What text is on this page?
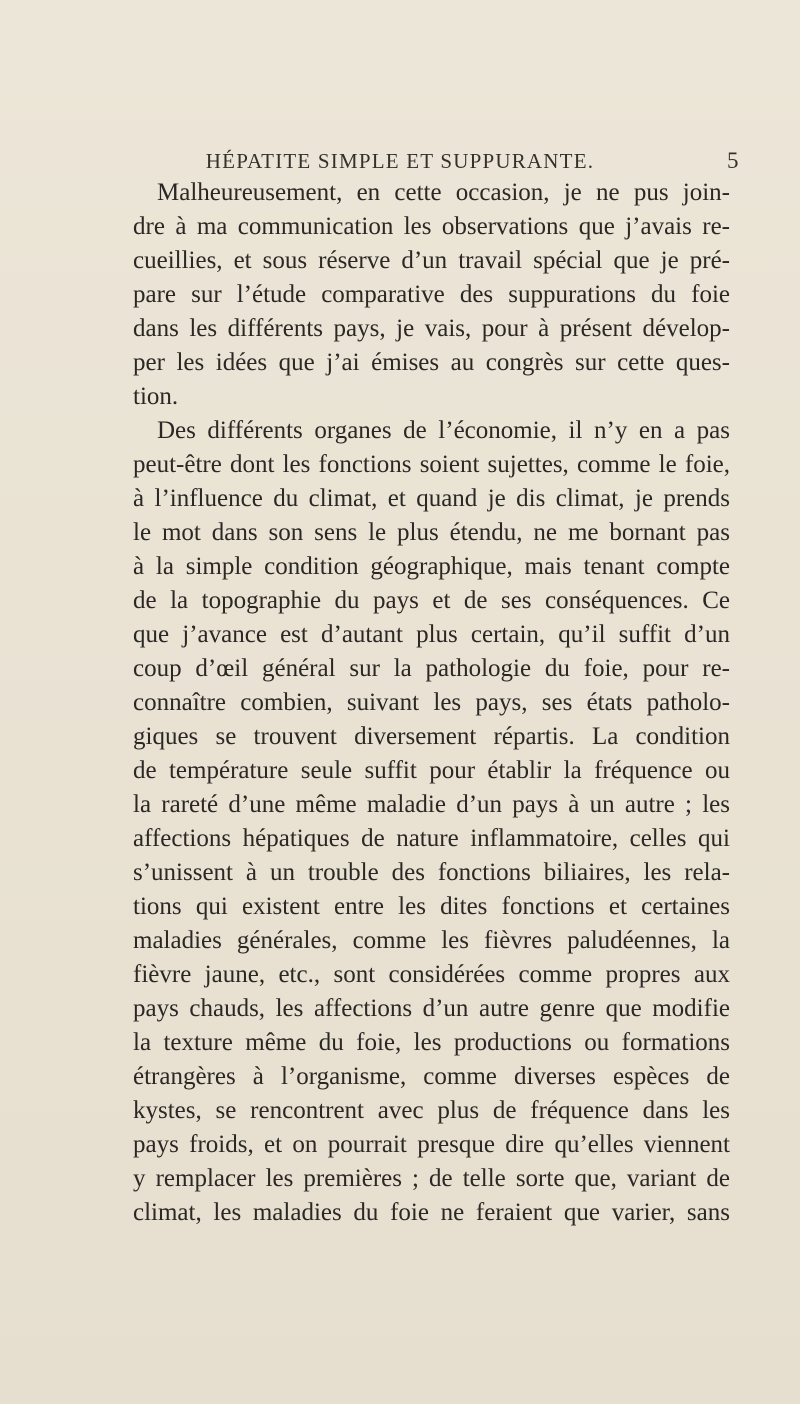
HÉPATITE SIMPLE ET SUPPURANTE.	5
Malheureusement, en cette occasion, je ne pus join-
dre à ma communication les observations que j’avais re-
cueillies, et sous réserve d’un travail spécial que je pré-
pare sur l’étude comparative des suppurations du foie
dans les différents pays, je vais, pour à présent dévelop-
per les idées que j’ai émises au congrès sur cette ques-
tion.
Des différents organes de l’économie, il n’y en a pas
peut-être dont les fonctions soient sujettes, comme le foie,
à l’influence du climat, et quand je dis climat, je prends
le mot dans son sens le plus étendu, ne me bornant pas
à la simple condition géographique, mais tenant compte
de la topographie du pays et de ses conséquences. Ce
que j’avance est d’autant plus certain, qu’il suffit d’un
coup d’œil général sur la pathologie du foie, pour re-
connaître combien, suivant les pays, ses états patholo-
giques se trouvent diversement répartis. La condition
de température seule suffit pour établir la fréquence ou
la rareté d’une même maladie d’un pays à un autre ; les
affections hépatiques de nature inflammatoire, celles qui
s’unissent à un trouble des fonctions biliaires, les rela-
tions qui existent entre les dites fonctions et certaines
maladies générales, comme les fièvres paludéennes, la
fièvre jaune, etc., sont considérées comme propres aux
pays chauds, les affections d’un autre genre que modifie
la texture même du foie, les productions ou formations
étrangères à l’organisme, comme diverses espèces de
kystes, se rencontrent avec plus de fréquence dans les
pays froids, et on pourrait presque dire qu’elles viennent
y remplacer les premières ; de telle sorte que, variant de
climat, les maladies du foie ne feraient que varier, sans
